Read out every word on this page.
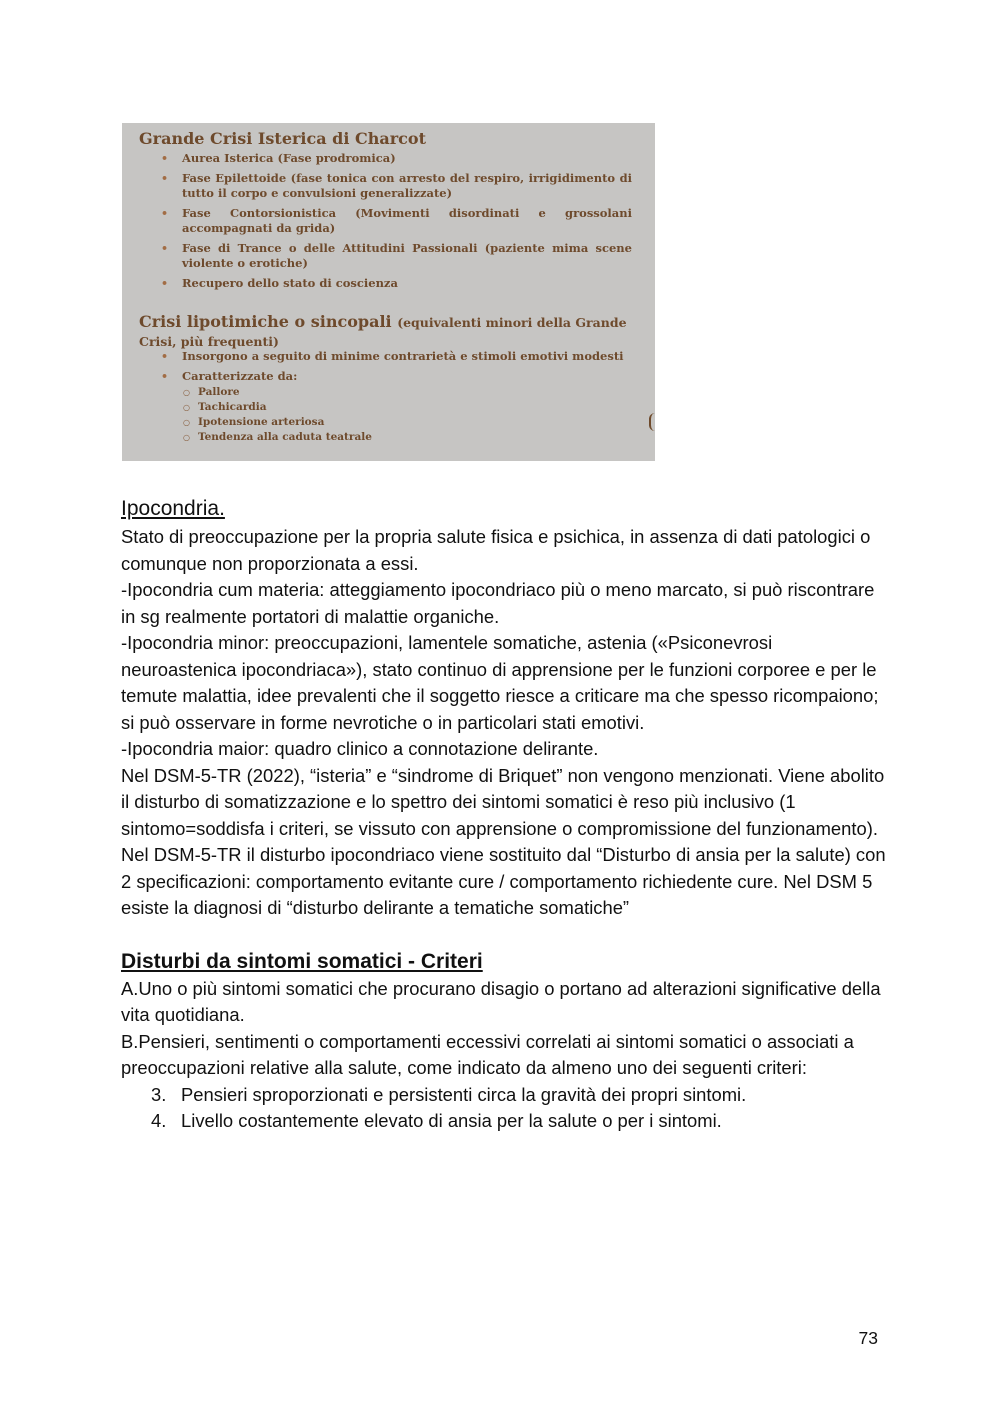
Grande Crisi Isterica di Charcot
• Aurea Isterica (Fase prodromica)
• Fase Epilettoide (fase tonica con arresto del respiro, irrigidimento di tutto il corpo e convulsioni generalizzate)
• Fase Contorsionistica (Movimenti disordinati e grossolani accompagnati da grida)
• Fase di Trance o delle Attitudini Passionali (paziente mima scene violente o erotiche)
• Recupero dello stato di coscienza
Crisi lipotimiche o sincopali (equivalenti minori della Grande Crisi, più frequenti)
• Insorgono a seguito di minime contrarietà e stimoli emotivi modesti
• Caratterizzate da:
○ Pallore
○ Tachicardia
○ Ipotensione arteriosa
○ Tendenza alla caduta teatrale
Ipocondria.

Stato di preoccupazione per la propria salute fisica e psichica, in assenza di dati patologici o comunque non proporzionata a essi.

-Ipocondria cum materia: atteggiamento ipocondriaco più o meno marcato, si può riscontrare in sg realmente portatori di malattie organiche.

-Ipocondria minor: preoccupazioni, lamentele somatiche, astenia («Psiconevrosi neuroastenica ipocondriaca»), stato continuo di apprensione per le funzioni corporee e per le temute malattia, idee prevalenti che il soggetto riesce a criticare ma che spesso ricompaiono; si può osservare in forme nevrotiche o in particolari stati emotivi.

-Ipocondria maior: quadro clinico a connotazione delirante.

Nel DSM-5-TR (2022), “isteria” e “sindrome di Briquet” non vengono menzionati. Viene abolito il disturbo di somatizzazione e lo spettro dei sintomi somatici è reso più inclusivo (1 sintomo=soddisfa i criteri, se vissuto con apprensione o compromissione del funzionamento).

Nel DSM-5-TR il disturbo ipocondriaco viene sostituito dal “Disturbo di ansia per la salute) con 2 specificazioni: comportamento evitante cure / comportamento richiedente cure. Nel DSM 5 esiste la diagnosi di “disturbo delirante a tematiche somatiche”

Disturbi da sintomi somatici - Criteri

A.Uno o più sintomi somatici che procurano disagio o portano ad alterazioni significative della vita quotidiana.

B.Pensieri, sentimenti o comportamenti eccessivi correlati ai sintomi somatici o associati a preoccupazioni relative alla salute, come indicato da almeno uno dei seguenti criteri:

3. Pensieri sproporzionati e persistenti circa la gravità dei propri sintomi.
4. Livello costantemente elevato di ansia per la salute o per i sintomi.
73
